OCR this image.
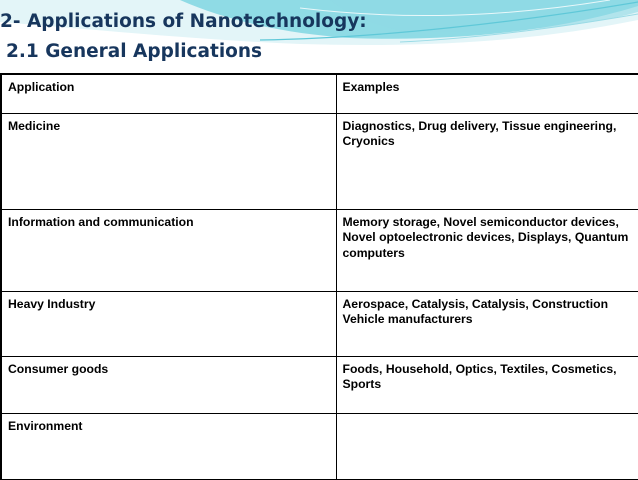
2- Applications of Nanotechnology:
2.1 General Applications
Application	Examples
Medicine	Diagnostics, Drug delivery, Tissue engineering, Cryonics
Information and communication	Memory storage, Novel semiconductor devices, Novel optoelectronic devices, Displays, Quantum computers
Heavy Industry	Aerospace, Catalysis, Catalysis, Construction Vehicle manufacturers
Consumer goods	Foods, Household, Optics, Textiles, Cosmetics, Sports
Environment	
